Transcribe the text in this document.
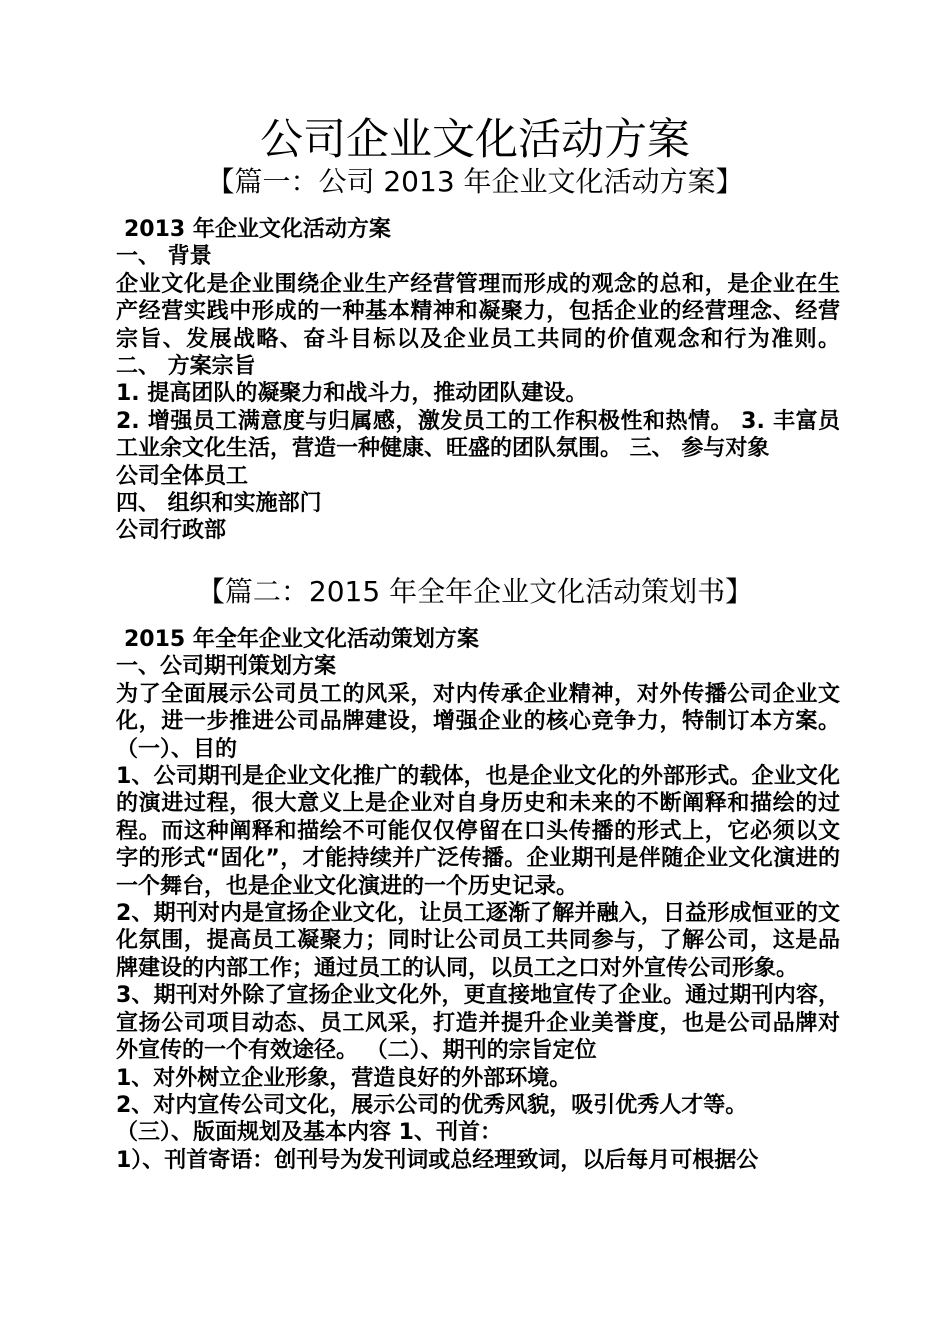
公司企业文化活动方案
【篇一：公司 2013 年企业文化活动方案】

2013 年企业文化活动方案

一、 背景

企业文化是企业围绕企业生产经营管理而形成的观念的总和，是企业在生产经营实践中形成的一种基本精神和凝聚力，包括企业的经营理念、经营宗旨、发展战略、奋斗目标以及企业员工共同的价值观念和行为准则。 二、 方案宗旨

1. 提高团队的凝聚力和战斗力，推动团队建设。

2. 增强员工满意度与归属感，激发员工的工作积极性和热情。 3. 丰富员工业余文化生活，营造一种健康、旺盛的团队氛围。 三、 参与对象

公司全体员工

四、 组织和实施部门

公司行政部

【篇二：2015 年全年企业文化活动策划书】

2015 年全年企业文化活动策划方案

一、公司期刊策划方案

为了全面展示公司员工的风采，对内传承企业精神，对外传播公司企业文化，进一步推进公司品牌建设，增强企业的核心竞争力，特制订本方案。 （一）、目的

1、公司期刊是企业文化推广的载体，也是企业文化的外部形式。企业文化的演进过程，很大意义上是企业对自身历史和未来的不断阐释和描绘的过程。而这种阐释和描绘不可能仅仅停留在口头传播的形式上，它必须以文字的形式“固化”，才能持续并广泛传播。企业期刊是伴随企业文化演进的一个舞台，也是企业文化演进的一个历史记录。

2、期刊对内是宣扬企业文化，让员工逐渐了解并融入，日益形成恒亚的文化氛围，提高员工凝聚力；同时让公司员工共同参与，了解公司，这是品牌建设的内部工作；通过员工的认同，以员工之口对外宣传公司形象。

3、期刊对外除了宣扬企业文化外，更直接地宣传了企业。通过期刊内容，宣扬公司项目动态、员工风采，打造并提升企业美誉度，也是公司品牌对外宣传的一个有效途径。 （二）、期刊的宗旨定位

1、对外树立企业形象，营造良好的外部环境。

2、对内宣传公司文化，展示公司的优秀风貌，吸引优秀人才等。

（三）、版面规划及基本内容 1、刊首：

1）、刊首寄语：创刊号为发刊词或总经理致词，以后每月可根据公
